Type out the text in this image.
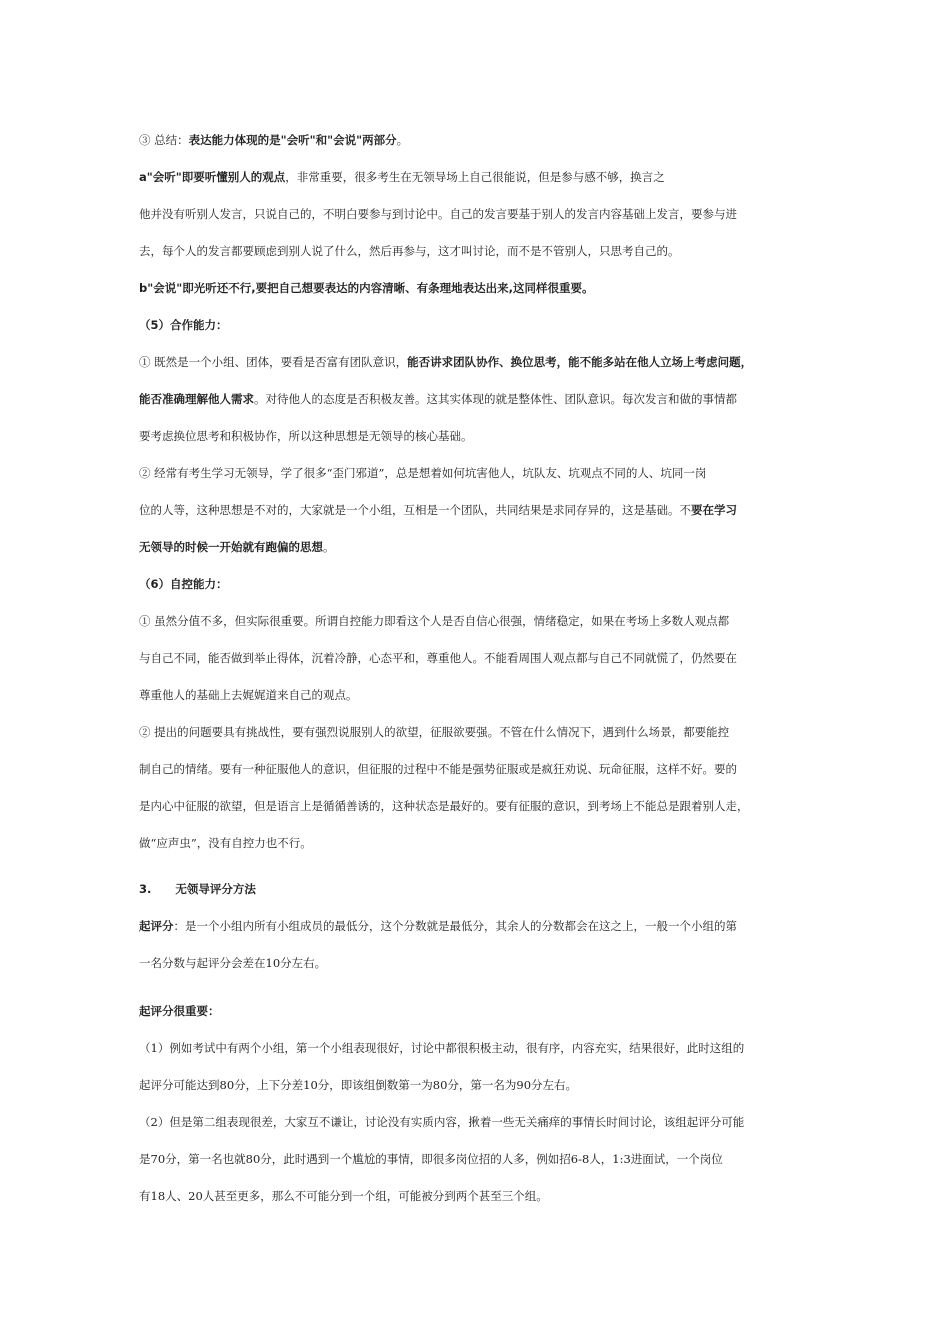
③ 总结：表达能力体现的是"会听"和"会说"两部分。
a"会听"即要听懂别人的观点，非常重要，很多考生在无领导场上自己很能说，但是参与感不够，换言之
他并没有听别人发言，只说自己的，不明白要参与到讨论中。自己的发言要基于别人的发言内容基础上发言，要参与进
去，每个人的发言都要顾虑到别人说了什么，然后再参与，这才叫讨论，而不是不管别人，只思考自己的。
b"会说"即光听还不行,要把自己想要表达的内容清晰、有条理地表达出来,这同样很重要。
（5）合作能力：
① 既然是一个小组、团体，要看是否富有团队意识，能否讲求团队协作、换位思考，能不能多站在他人立场上考虑问题，
能否准确理解他人需求。对待他人的态度是否积极友善。这其实体现的就是整体性、团队意识。每次发言和做的事情都
要考虑换位思考和积极协作，所以这种思想是无领导的核心基础。
② 经常有考生学习无领导，学了很多“歪门邪道”，总是想着如何坑害他人，坑队友、坑观点不同的人、坑同一岗
位的人等，这种思想是不对的，大家就是一个小组，互相是一个团队，共同结果是求同存异的，这是基础。不要在学习
无领导的时候一开始就有跑偏的思想。
（6）自控能力：
① 虽然分值不多，但实际很重要。所谓自控能力即看这个人是否自信心很强，情绪稳定，如果在考场上多数人观点都
与自己不同，能否做到举止得体，沉着冷静，心态平和，尊重他人。不能看周围人观点都与自己不同就慌了，仍然要在
尊重他人的基础上去娓娓道来自己的观点。
② 提出的问题要具有挑战性，要有强烈说服别人的欲望，征服欲要强。不管在什么情况下，遇到什么场景，都要能控
制自己的情绪。要有一种征服他人的意识，但征服的过程中不能是强势征服或是疯狂劝说、玩命征服，这样不好。要的
是内心中征服的欲望，但是语言上是循循善诱的，这种状态是最好的。要有征服的意识，到考场上不能总是跟着别人走，
做“应声虫”，没有自控力也不行。
3. 无领导评分方法
起评分：是一个小组内所有小组成员的最低分，这个分数就是最低分，其余人的分数都会在这之上，一般一个小组的第
一名分数与起评分会差在10分左右。
起评分很重要：
（1）例如考试中有两个小组，第一个小组表现很好，讨论中都很积极主动，很有序，内容充实，结果很好，此时这组的
起评分可能达到80分，上下分差10分，即该组倒数第一为80分，第一名为90分左右。
（2）但是第二组表现很差，大家互不谦让，讨论没有实质内容，揪着一些无关痛痒的事情长时间讨论，该组起评分可能
是70分，第一名也就80分，此时遇到一个尴尬的事情，即很多岗位招的人多，例如招6-8人，1:3进面试，一个岗位
有18人、20人甚至更多，那么不可能分到一个组，可能被分到两个甚至三个组。
